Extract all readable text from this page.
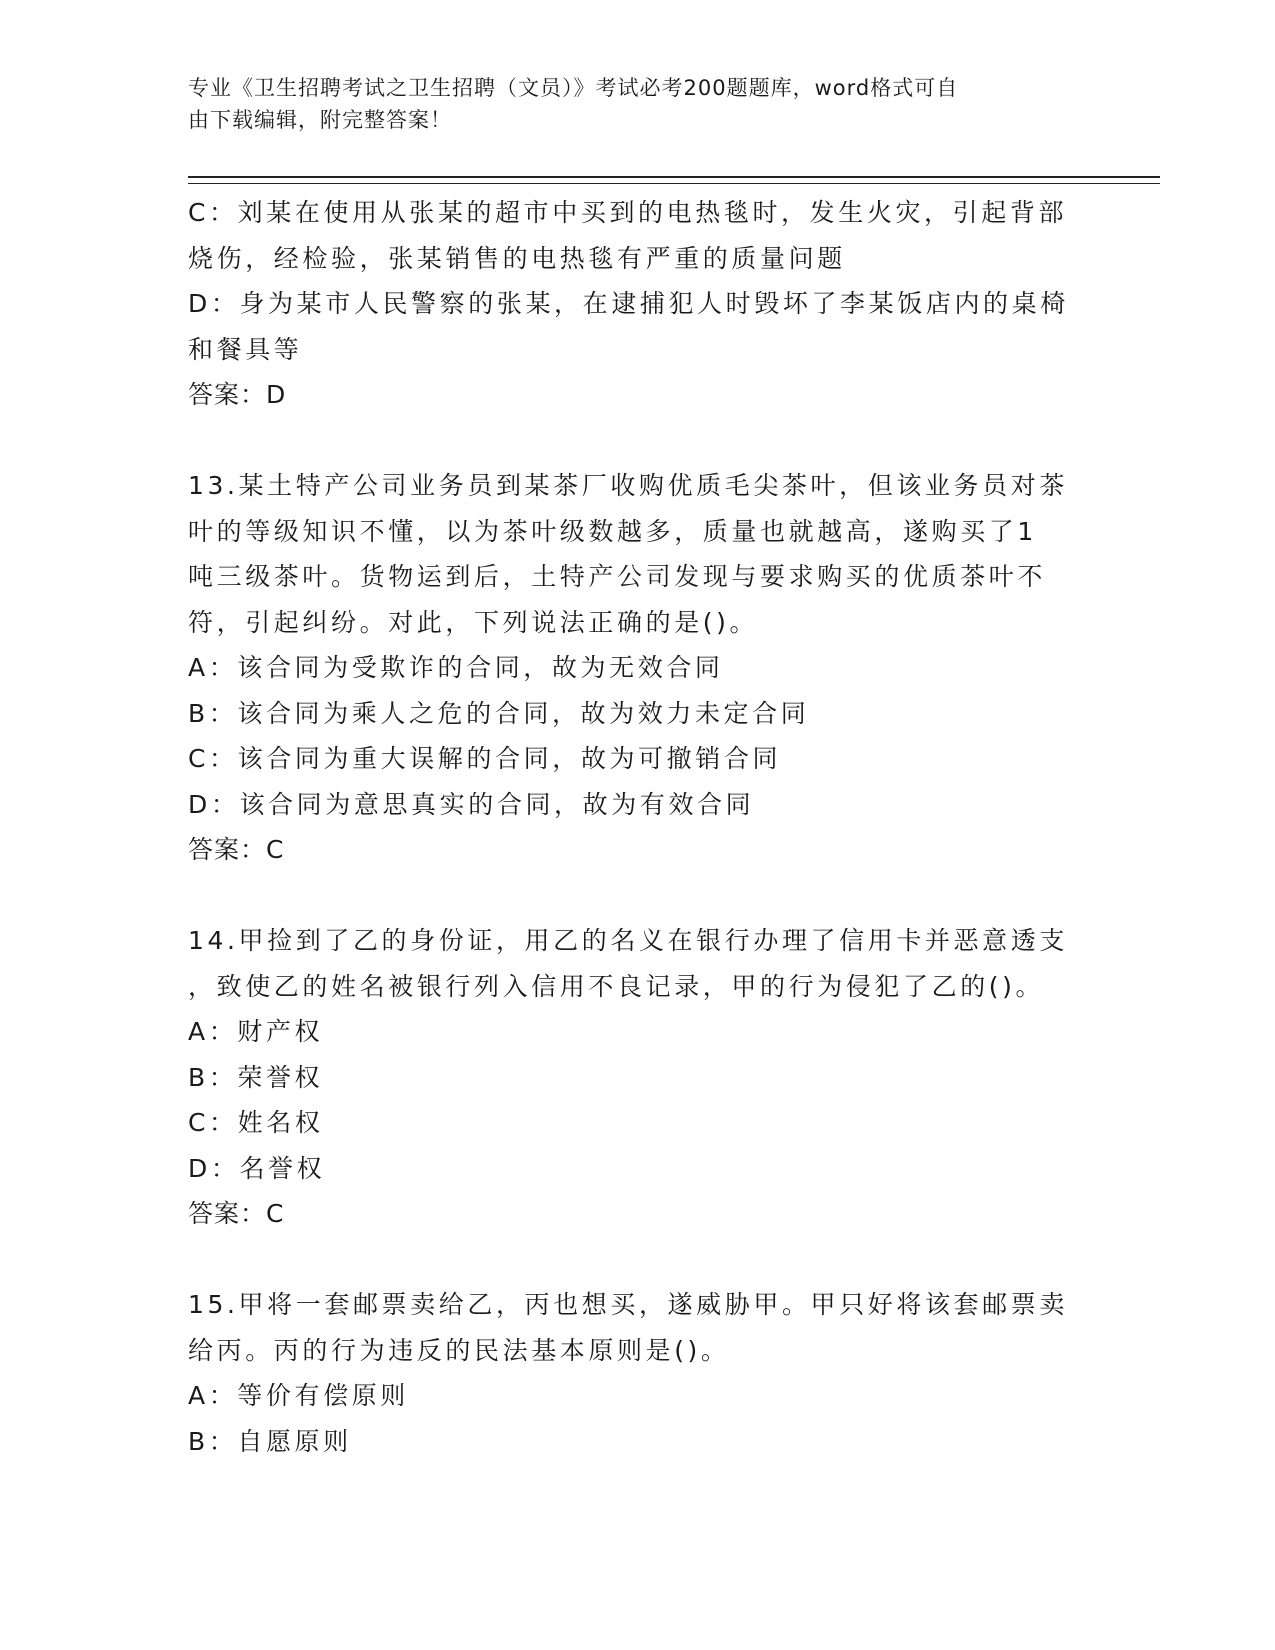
专业《卫生招聘考试之卫生招聘（文员）》考试必考200题题库，word格式可自
由下载编辑，附完整答案！
C：刘某在使用从张某的超市中买到的电热毯时，发生火灾，引起背部
烧伤，经检验，张某销售的电热毯有严重的质量问题
D：身为某市人民警察的张某，在逮捕犯人时毁坏了李某饭店内的桌椅
和餐具等
答案：D
13.某土特产公司业务员到某茶厂收购优质毛尖茶叶，但该业务员对茶
叶的等级知识不懂，以为茶叶级数越多，质量也就越高，遂购买了1
吨三级茶叶。货物运到后，土特产公司发现与要求购买的优质茶叶不
符，引起纠纷。对此，下列说法正确的是()。
A：该合同为受欺诈的合同，故为无效合同
B：该合同为乘人之危的合同，故为效力未定合同
C：该合同为重大误解的合同，故为可撤销合同
D：该合同为意思真实的合同，故为有效合同
答案：C
14.甲捡到了乙的身份证，用乙的名义在银行办理了信用卡并恶意透支
，致使乙的姓名被银行列入信用不良记录，甲的行为侵犯了乙的()。
A：财产权
B：荣誉权
C：姓名权
D：名誉权
答案：C
15.甲将一套邮票卖给乙，丙也想买，遂威胁甲。甲只好将该套邮票卖
给丙。丙的行为违反的民法基本原则是()。
A：等价有偿原则
B：自愿原则
